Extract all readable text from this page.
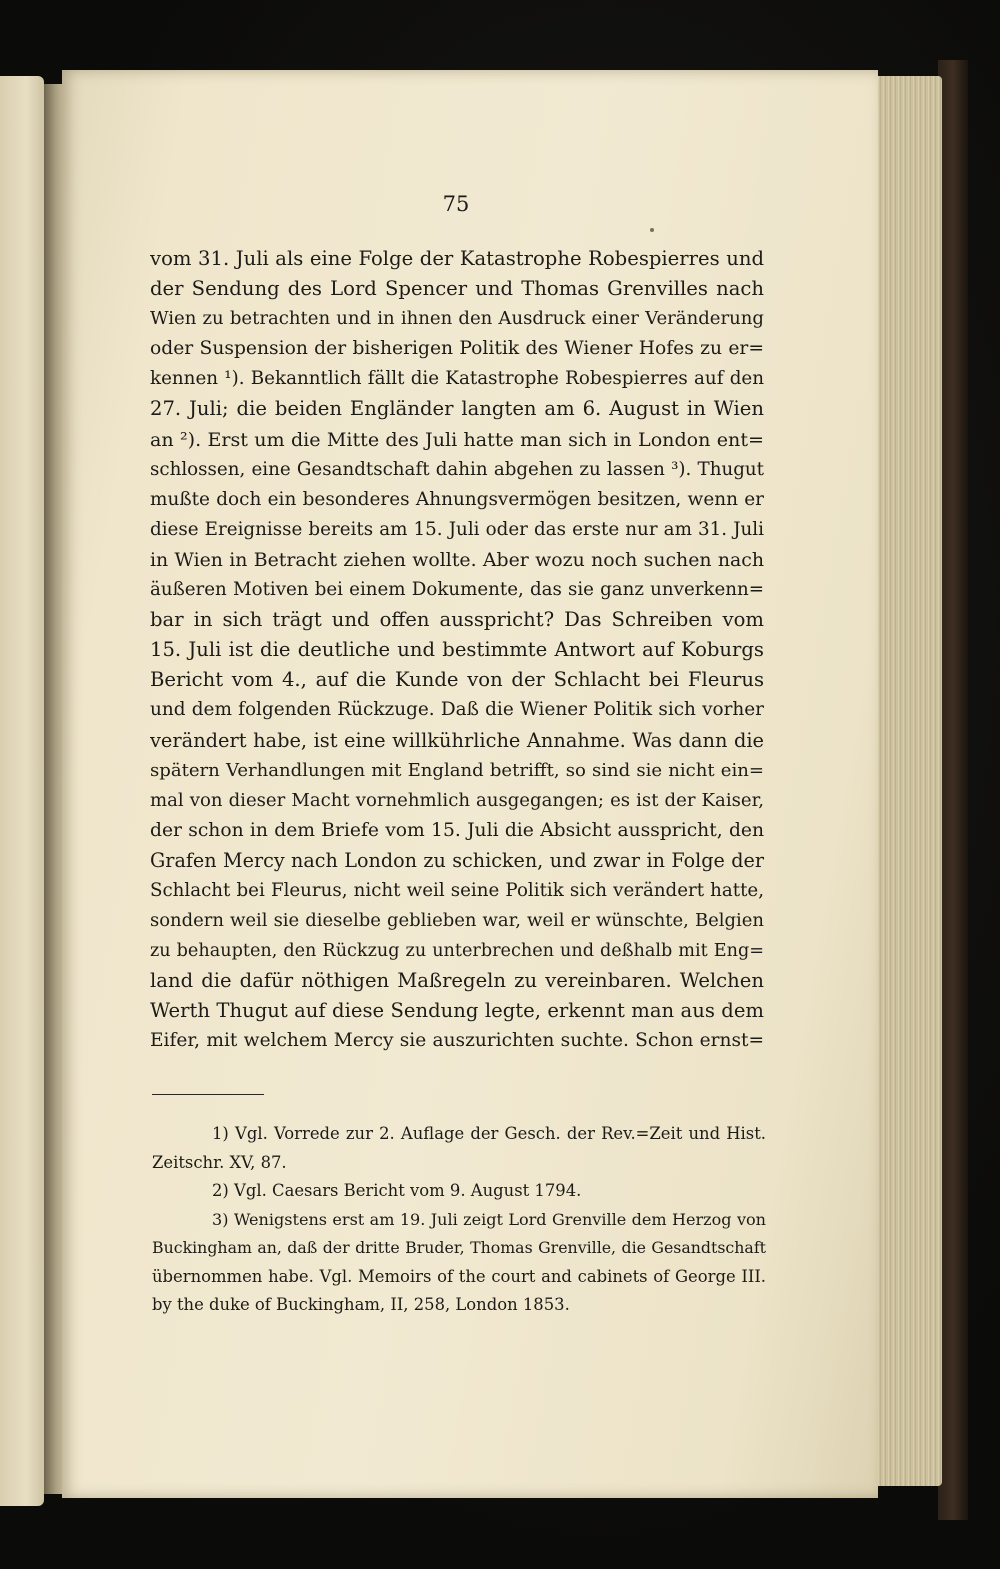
75
vom 31. Juli als eine Folge der Katastrophe Robespierres und
der Sendung des Lord Spencer und Thomas Grenvilles nach
Wien zu betrachten und in ihnen den Ausdruck einer Veränderung
oder Suspension der bisherigen Politik des Wiener Hofes zu er=
kennen ¹). Bekanntlich fällt die Katastrophe Robespierres auf den
27. Juli; die beiden Engländer langten am 6. August in Wien
an ²). Erst um die Mitte des Juli hatte man sich in London ent=
schlossen, eine Gesandtschaft dahin abgehen zu lassen ³). Thugut
mußte doch ein besonderes Ahnungsvermögen besitzen, wenn er
diese Ereignisse bereits am 15. Juli oder das erste nur am 31. Juli
in Wien in Betracht ziehen wollte. Aber wozu noch suchen nach
äußeren Motiven bei einem Dokumente, das sie ganz unverkenn=
bar in sich trägt und offen ausspricht? Das Schreiben vom
15. Juli ist die deutliche und bestimmte Antwort auf Koburgs
Bericht vom 4., auf die Kunde von der Schlacht bei Fleurus
und dem folgenden Rückzuge. Daß die Wiener Politik sich vorher
verändert habe, ist eine willkührliche Annahme. Was dann die
spätern Verhandlungen mit England betrifft, so sind sie nicht ein=
mal von dieser Macht vornehmlich ausgegangen; es ist der Kaiser,
der schon in dem Briefe vom 15. Juli die Absicht ausspricht, den
Grafen Mercy nach London zu schicken, und zwar in Folge der
Schlacht bei Fleurus, nicht weil seine Politik sich verändert hatte,
sondern weil sie dieselbe geblieben war, weil er wünschte, Belgien
zu behaupten, den Rückzug zu unterbrechen und deßhalb mit Eng=
land die dafür nöthigen Maßregeln zu vereinbaren. Welchen
Werth Thugut auf diese Sendung legte, erkennt man aus dem
Eifer, mit welchem Mercy sie auszurichten suchte. Schon ernst=
1) Vgl. Vorrede zur 2. Auflage der Gesch. der Rev.=Zeit und Hist.
Zeitschr. XV, 87.
2) Vgl. Caesars Bericht vom 9. August 1794.
3) Wenigstens erst am 19. Juli zeigt Lord Grenville dem Herzog von
Buckingham an, daß der dritte Bruder, Thomas Grenville, die Gesandtschaft
übernommen habe. Vgl. Memoirs of the court and cabinets of George III.
by the duke of Buckingham, II, 258, London 1853.
